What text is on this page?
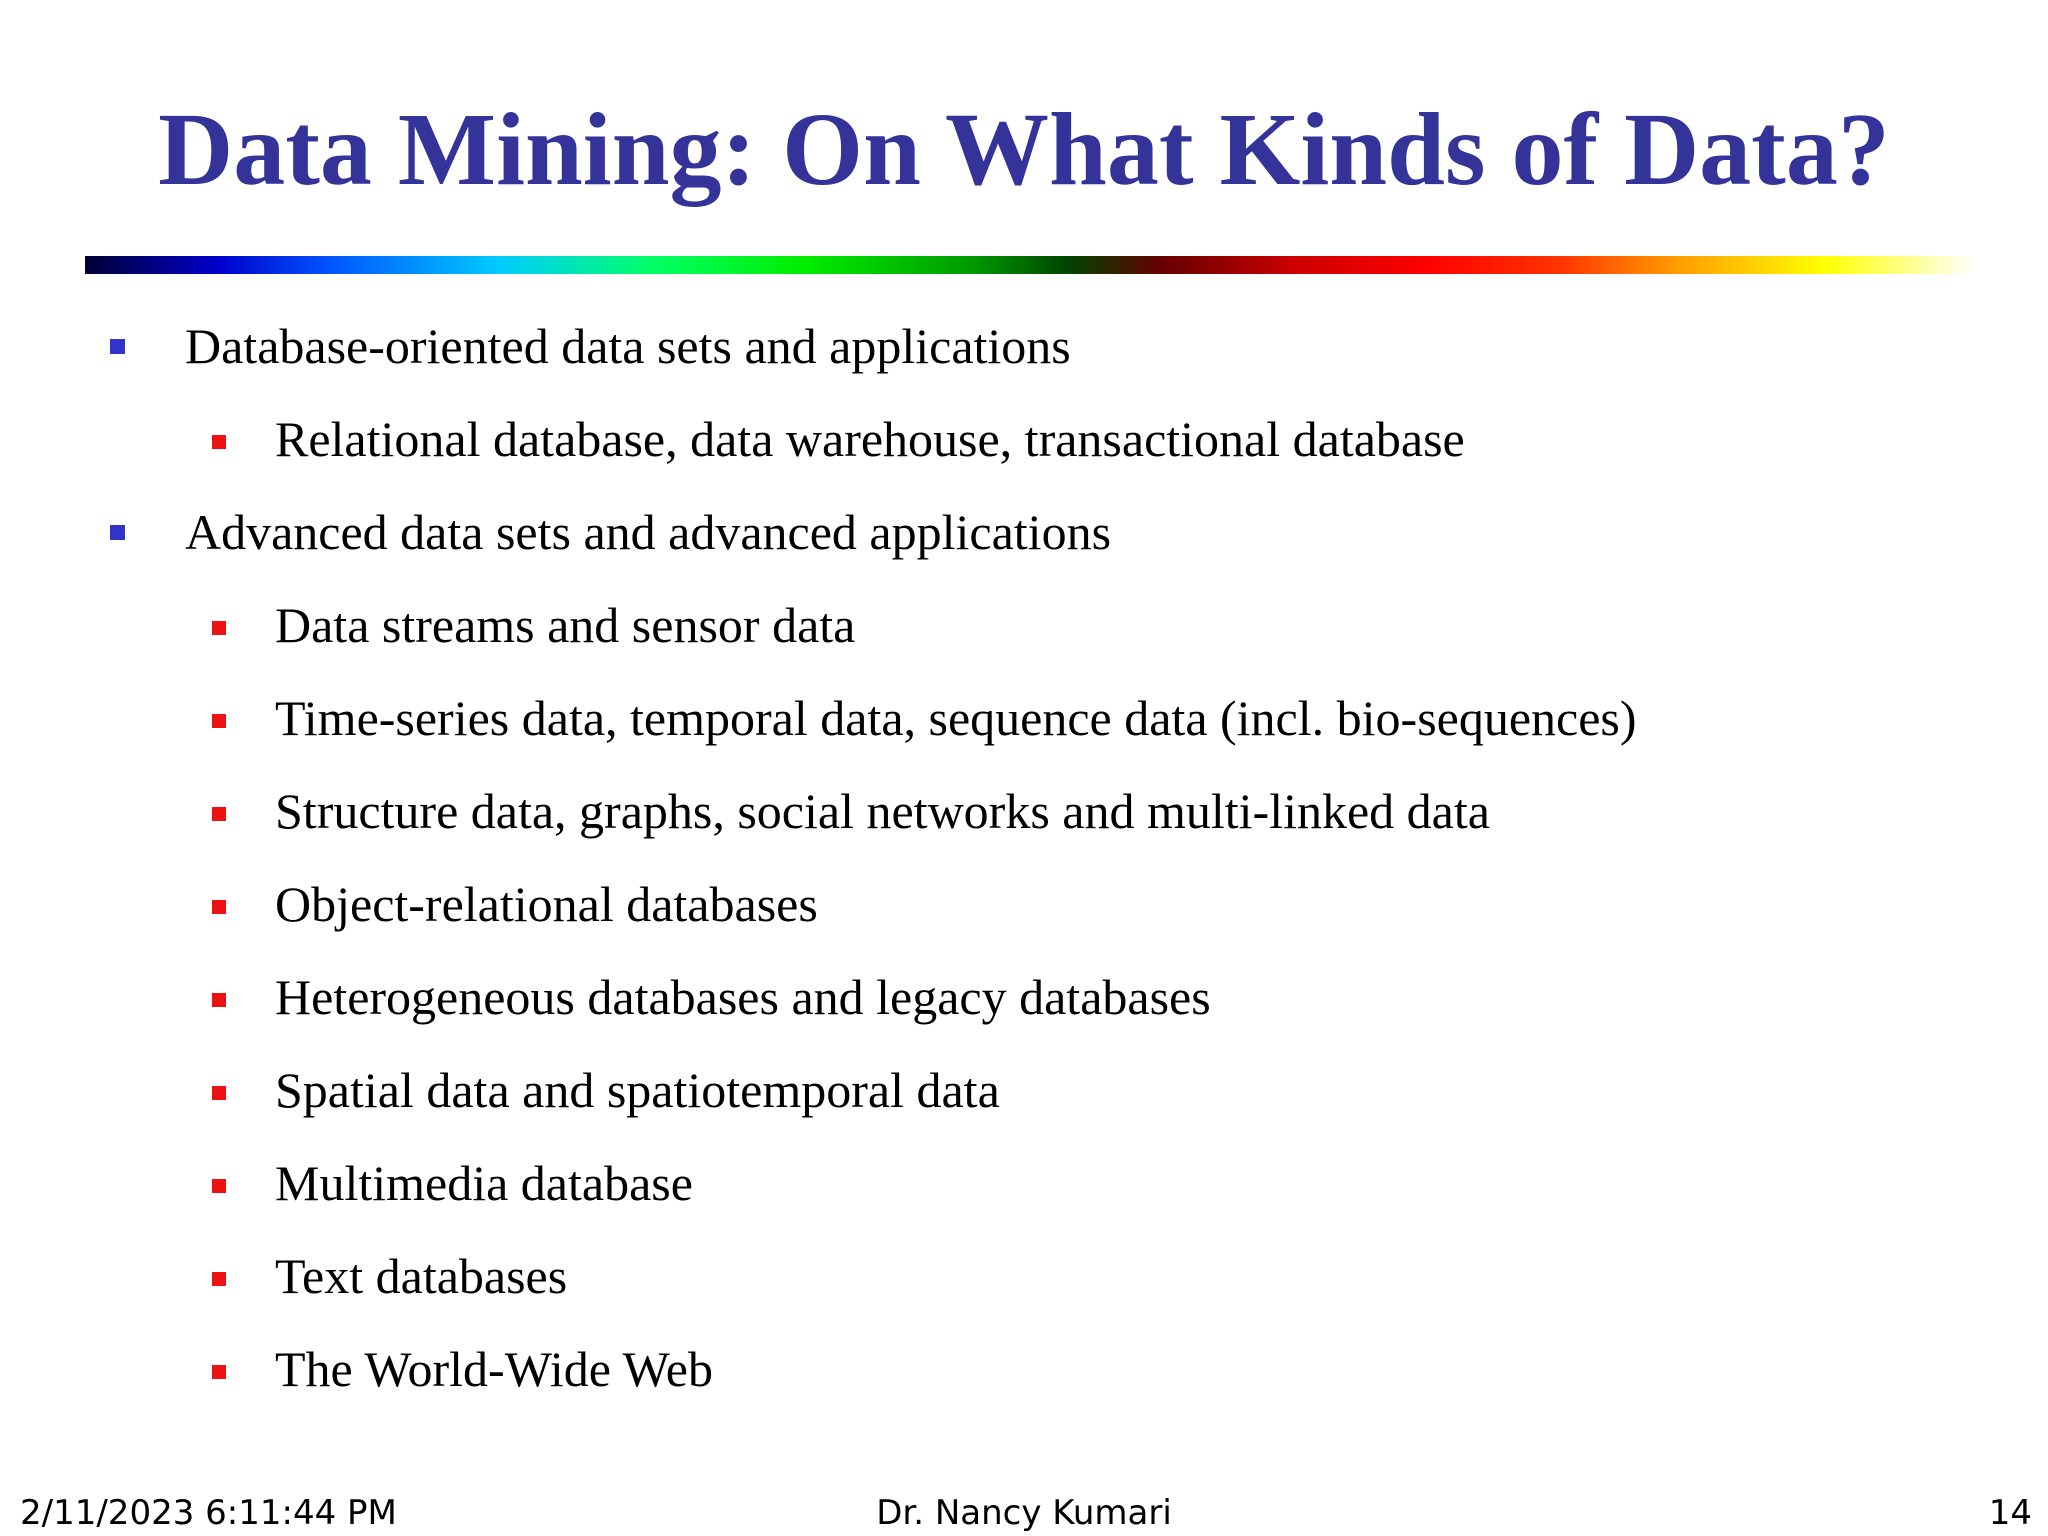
Data Mining: On What Kinds of Data?
Database-oriented data sets and applications
Relational database, data warehouse, transactional database
Advanced data sets and advanced applications
Data streams and sensor data
Time-series data, temporal data, sequence data (incl. bio-sequences)
Structure data, graphs, social networks and multi-linked data
Object-relational databases
Heterogeneous databases and legacy databases
Spatial data and spatiotemporal data
Multimedia database
Text databases
The World-Wide Web
2/11/2023 6:11:44 PM	Dr. Nancy Kumari	14
